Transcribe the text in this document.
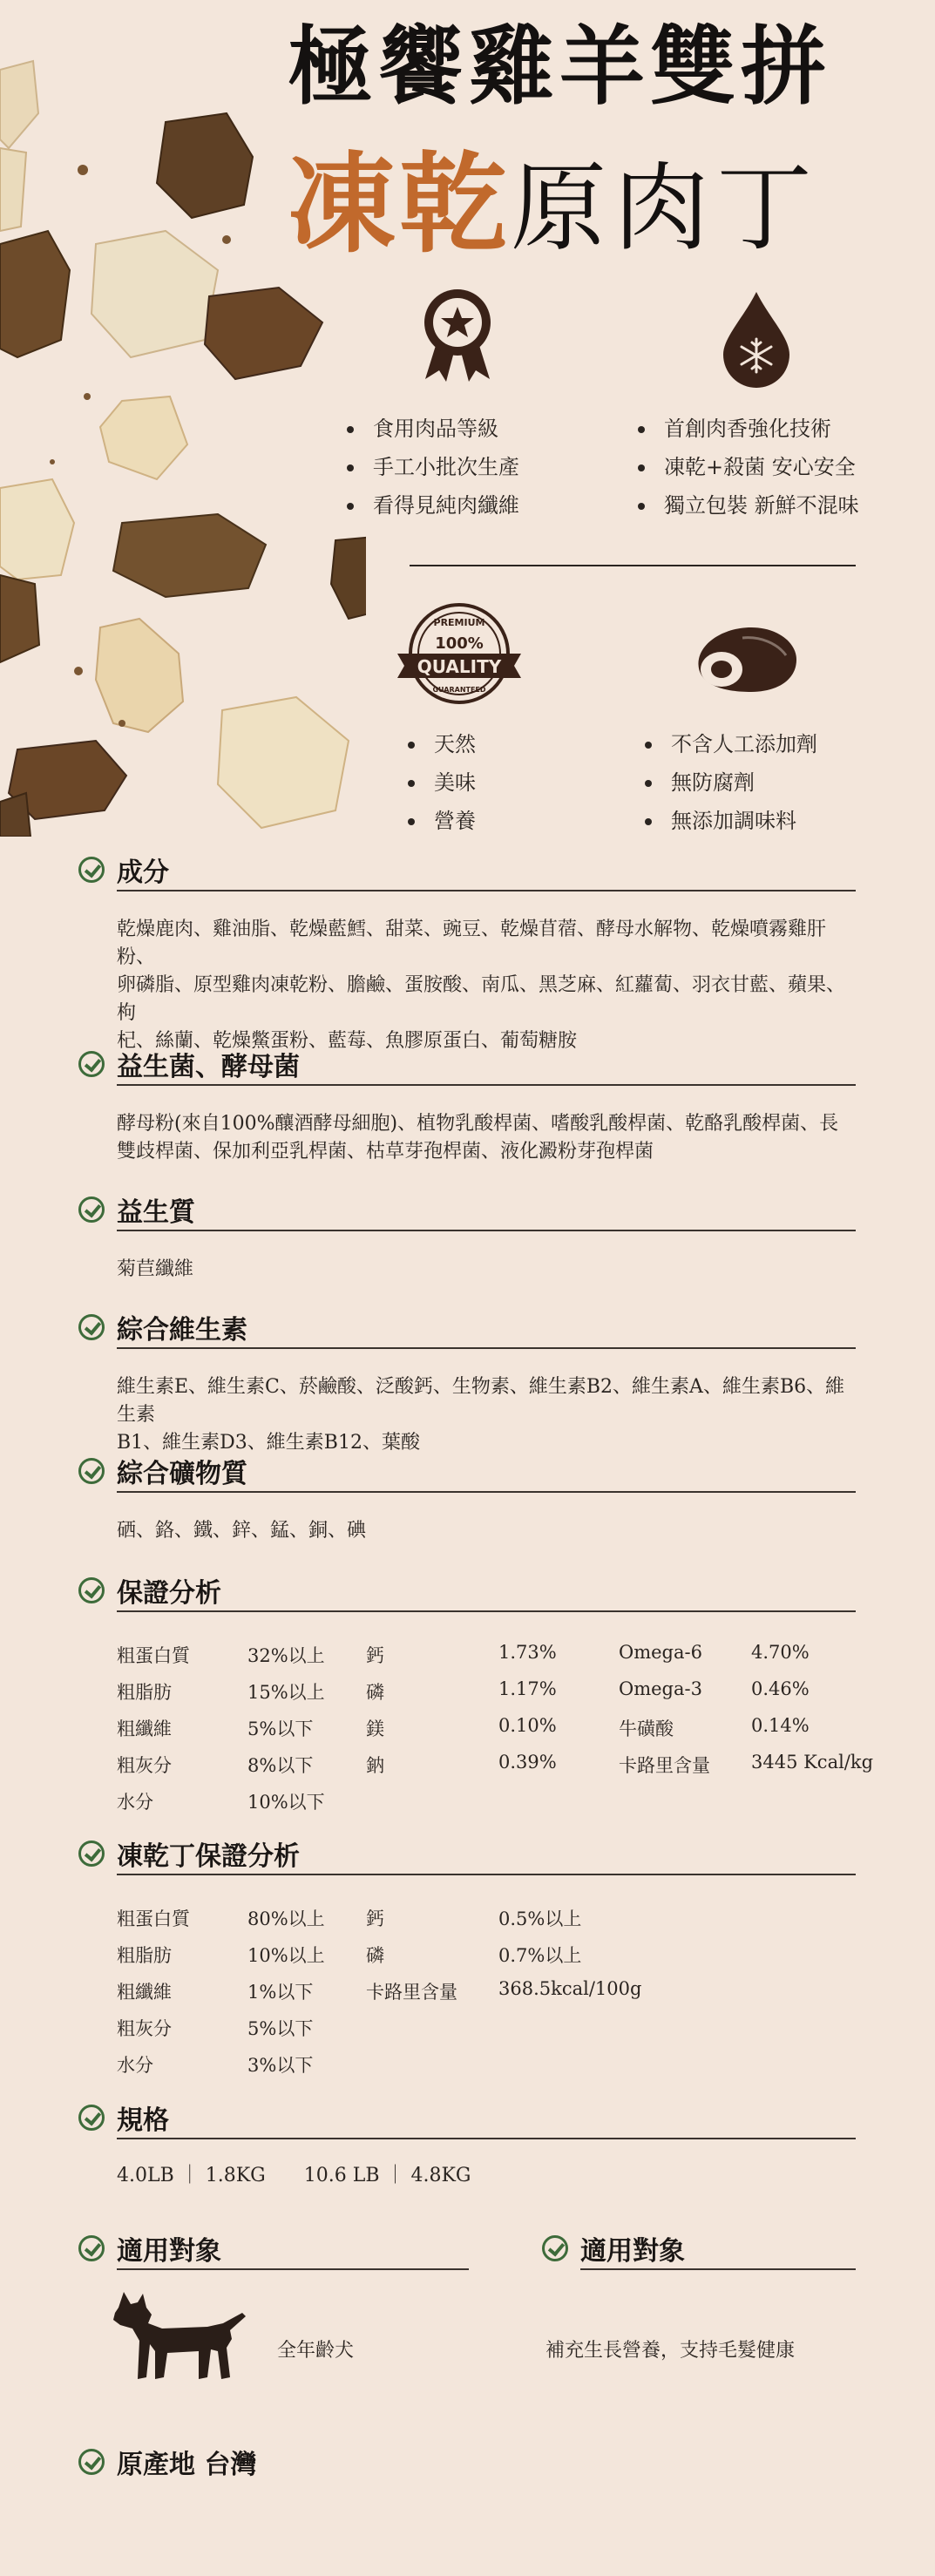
極饗雞羊雙拼
凍乾原肉丁
食用肉品等級
手工小批次生產
看得見純肉纖維
首創肉香強化技術
凍乾+殺菌 安心安全
獨立包裝 新鮮不混味
PREMIUM
100%
QUALITY
GUARANTEED
天然
美味
營養
不含人工添加劑
無防腐劑
無添加調味料
成分
乾燥鹿肉、雞油脂、乾燥藍鱈、甜菜、豌豆、乾燥苜蓿、酵母水解物、乾燥噴霧雞肝粉、
卵磷脂、原型雞肉凍乾粉、膽鹼、蛋胺酸、南瓜、黑芝麻、紅蘿蔔、羽衣甘藍、蘋果、枸
杞、絲蘭、乾燥鱉蛋粉、藍莓、魚膠原蛋白、葡萄糖胺
益生菌、酵母菌
酵母粉(來自100%釀酒酵母細胞)、植物乳酸桿菌、嗜酸乳酸桿菌、乾酪乳酸桿菌、長
雙歧桿菌、保加利亞乳桿菌、枯草芽孢桿菌、液化澱粉芽孢桿菌
益生質
菊苣纖維
綜合維生素
維生素E、維生素C、菸鹼酸、泛酸鈣、生物素、維生素B2、維生素A、維生素B6、維生素
B1、維生素D3、維生素B12、葉酸
綜合礦物質
硒、鉻、鐵、鋅、錳、銅、碘
保證分析
粗蛋白質	32%以上 鈣	1.73%	Omega-6	4.70%
粗脂肪	15%以上 磷	1.17%	Omega-3	0.46%
粗纖維	5%以下	鎂	0.10%	牛磺酸	0.14%
粗灰分	8%以下	鈉	0.39%	卡路里含量 3445 Kcal/kg
水分	10%以下
凍乾丁保證分析
粗蛋白質	80%以上 鈣	0.5%以上
粗脂肪	10%以上 磷	0.7%以上
粗纖維	1%以下	卡路里含量 368.5kcal/100g
粗灰分	5%以下
水分	3%以下
規格
4.0LB ｜ 1.8KG　　10.6 LB ｜ 4.8KG
適用對象	適用對象
全年齡犬	補充生長營養，支持毛髮健康
原產地 台灣
